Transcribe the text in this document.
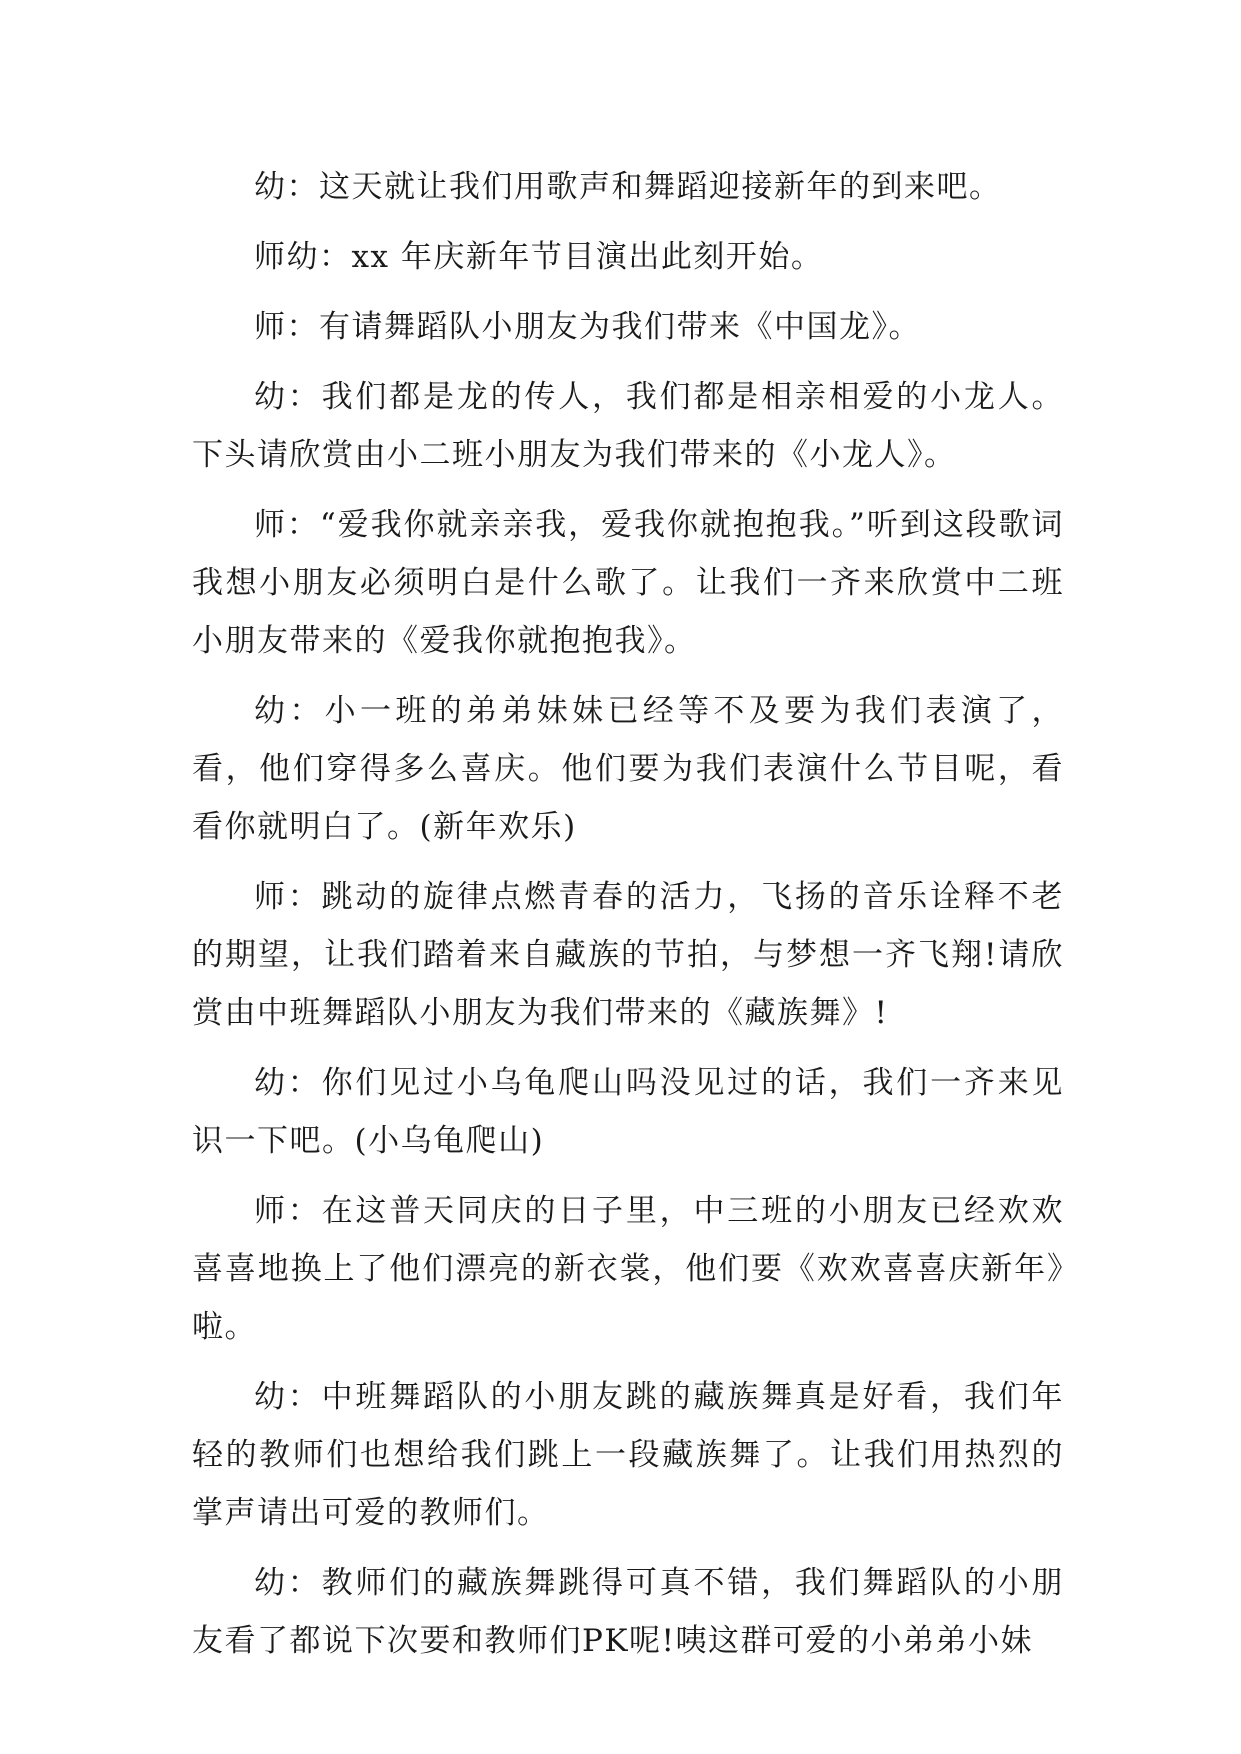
幼：这天就让我们用歌声和舞蹈迎接新年的到来吧。

师幼：xx 年庆新年节目演出此刻开始。

师：有请舞蹈队小朋友为我们带来《中国龙》。

幼：我们都是龙的传人，我们都是相亲相爱的小龙人。下头请欣赏由小二班小朋友为我们带来的《小龙人》。

师：“爱我你就亲亲我，爱我你就抱抱我。”听到这段歌词我想小朋友必须明白是什么歌了。让我们一齐来欣赏中二班小朋友带来的《爱我你就抱抱我》。

幼：小一班的弟弟妹妹已经等不及要为我们表演了，看，他们穿得多么喜庆。他们要为我们表演什么节目呢，看看你就明白了。(新年欢乐)

师：跳动的旋律点燃青春的活力，飞扬的音乐诠释不老的期望，让我们踏着来自藏族的节拍，与梦想一齐飞翔!请欣赏由中班舞蹈队小朋友为我们带来的《藏族舞》!

幼：你们见过小乌龟爬山吗没见过的话，我们一齐来见识一下吧。(小乌龟爬山)

师：在这普天同庆的日子里，中三班的小朋友已经欢欢喜喜地换上了他们漂亮的新衣裳，他们要《欢欢喜喜庆新年》啦。

幼：中班舞蹈队的小朋友跳的藏族舞真是好看，我们年轻的教师们也想给我们跳上一段藏族舞了。让我们用热烈的掌声请出可爱的教师们。

幼：教师们的藏族舞跳得可真不错，我们舞蹈队的小朋友看了都说下次要和教师们PK呢!咦这群可爱的小弟弟小妹
